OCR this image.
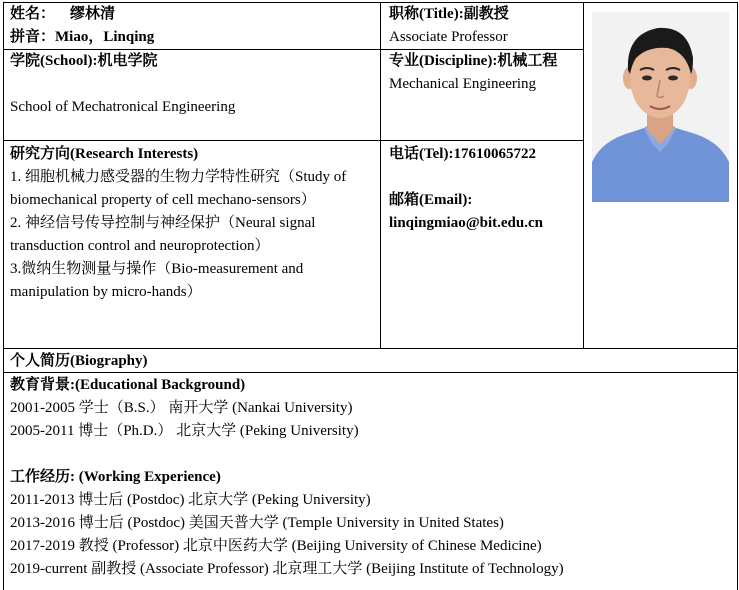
姓名： 缪林清
拼音：Miao，Linqing
职称(Title):副教授
Associate Professor
学院(School):机电学院
School of Mechatronical Engineering
专业(Discipline):机械工程
Mechanical Engineering
研究方向(Research Interests)
1. 细胞机械力感受器的生物力学特性研究（Study of biomechanical property of cell mechano-sensors）
2. 神经信号传导控制与神经保护（Neural signal transduction control and neuroprotection）
3.微纳生物测量与操作（Bio-measurement and manipulation by micro-hands）
电话(Tel):17610065722
邮箱(Email):
linqingmiao@bit.edu.cn
个人简历(Biography)
教育背景:(Educational Background)
2001-2005 学士（B.S.） 南开大学 (Nankai University)
2005-2011 博士（Ph.D.） 北京大学 (Peking University)
工作经历: (Working Experience)
2011-2013 博士后 (Postdoc) 北京大学 (Peking University)
2013-2016 博士后 (Postdoc) 美国天普大学 (Temple University in United States)
2017-2019 教授 (Professor) 北京中医药大学 (Beijing University of Chinese Medicine)
2019-current 副教授 (Associate Professor) 北京理工大学 (Beijing Institute of Technology)
